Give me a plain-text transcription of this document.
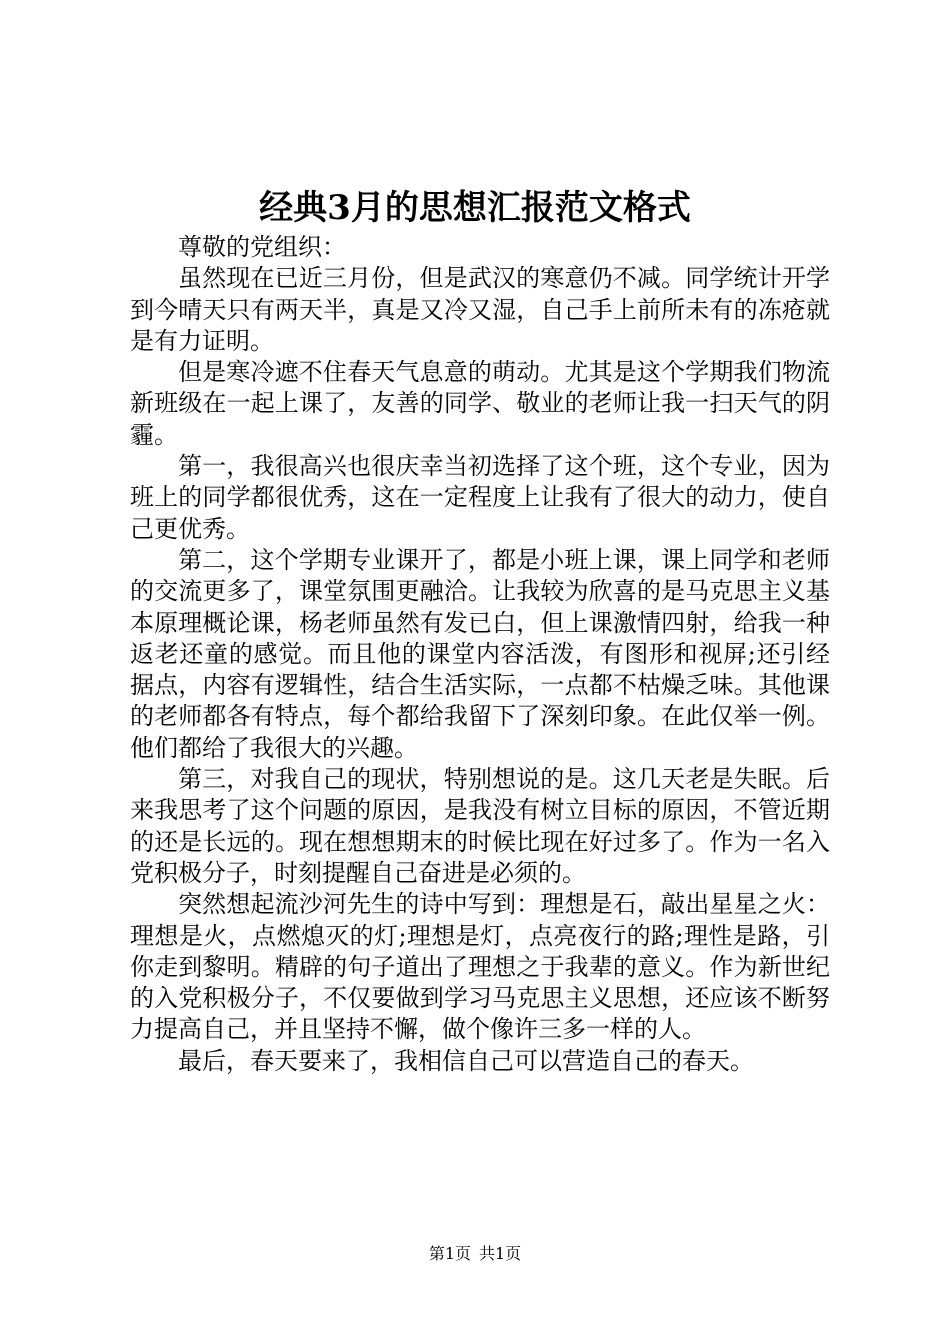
经典3月的思想汇报范文格式

尊敬的党组织：

虽然现在已近三月份，但是武汉的寒意仍不减。同学统计开学到今晴天只有两天半，真是又冷又湿，自己手上前所未有的冻疮就是有力证明。

但是寒冷遮不住春天气息意的萌动。尤其是这个学期我们物流新班级在一起上课了，友善的同学、敬业的老师让我一扫天气的阴霾。

第一，我很高兴也很庆幸当初选择了这个班，这个专业，因为班上的同学都很优秀，这在一定程度上让我有了很大的动力，使自己更优秀。

第二，这个学期专业课开了，都是小班上课，课上同学和老师的交流更多了，课堂氛围更融洽。让我较为欣喜的是马克思主义基本原理概论课，杨老师虽然有发已白，但上课激情四射，给我一种返老还童的感觉。而且他的课堂内容活泼，有图形和视屏;还引经据点，内容有逻辑性，结合生活实际，一点都不枯燥乏味。其他课的老师都各有特点，每个都给我留下了深刻印象。在此仅举一例。他们都给了我很大的兴趣。

第三，对我自己的现状，特别想说的是。这几天老是失眠。后来我思考了这个问题的原因，是我没有树立目标的原因，不管近期的还是长远的。现在想想期末的时候比现在好过多了。作为一名入党积极分子，时刻提醒自己奋进是必须的。

突然想起流沙河先生的诗中写到：理想是石，敲出星星之火：理想是火，点燃熄灭的灯;理想是灯，点亮夜行的路;理性是路，引你走到黎明。精辟的句子道出了理想之于我辈的意义。作为新世纪的入党积极分子，不仅要做到学习马克思主义思想，还应该不断努力提高自己，并且坚持不懈，做个像许三多一样的人。

最后，春天要来了，我相信自己可以营造自己的春天。

第1页 共1页
